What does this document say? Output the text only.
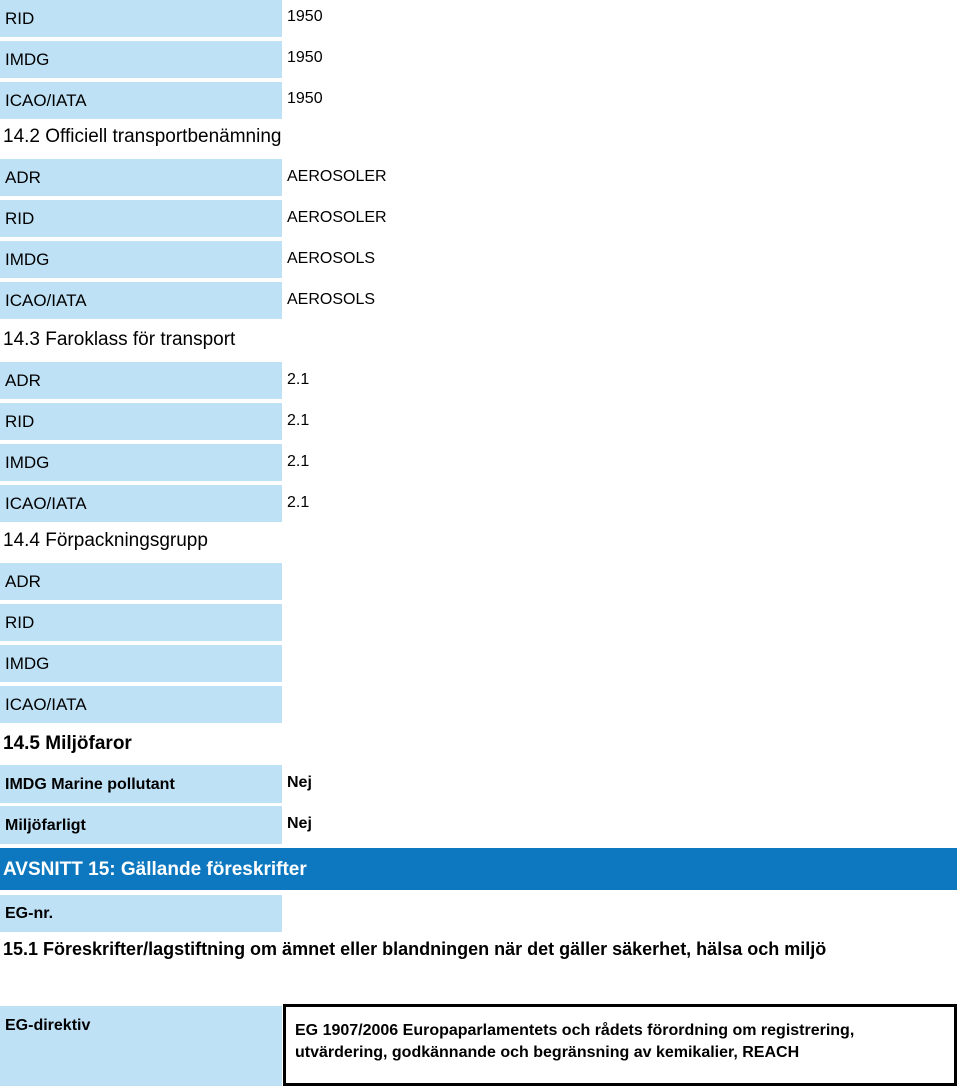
RID	1950
IMDG	1950
ICAO/IATA	1950
14.2 Officiell transportbenämning
ADR	AEROSOLER
RID	AEROSOLER
IMDG	AEROSOLS
ICAO/IATA	AEROSOLS
14.3 Faroklass för transport
ADR	2.1
RID	2.1
IMDG	2.1
ICAO/IATA	2.1
14.4 Förpackningsgrupp
ADR
RID
IMDG
ICAO/IATA
14.5 Miljöfaror
IMDG Marine pollutant	Nej
Miljöfarligt	Nej
AVSNITT 15: Gällande föreskrifter
EG-nr.
15.1 Föreskrifter/lagstiftning om ämnet eller blandningen när det gäller säkerhet, hälsa och miljö
EG-direktiv	EG 1907/2006 Europaparlamentets och rådets förordning om registrering,
utvärdering, godkännande och begränsning av kemikalier, REACH
